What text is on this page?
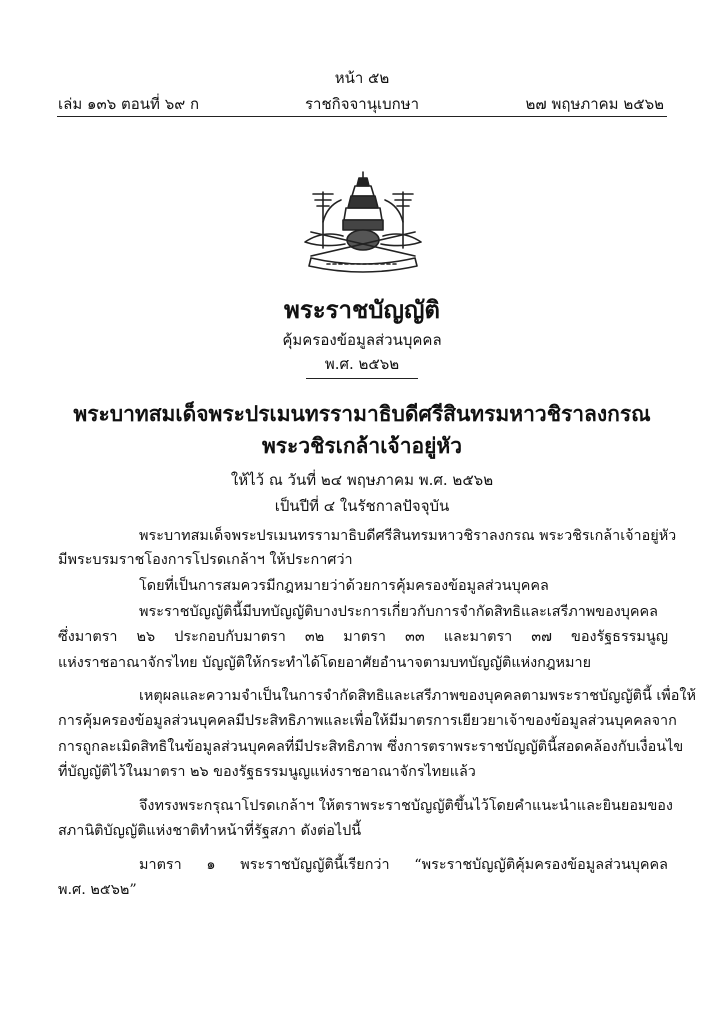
หน้า ๕๒
เล่ม ๑๓๖ ตอนที่ ๖๙ ก	ราชกิจจานุเบกษา	๒๗ พฤษภาคม ๒๕๖๒
พระราชบัญญัติ
คุ้มครองข้อมูลส่วนบุคคล
พ.ศ. ๒๕๖๒
พระบาทสมเด็จพระปรเมนทรรามาธิบดีศรีสินทรมหาวชิราลงกรณ
พระวชิรเกล้าเจ้าอยู่หัว
ให้ไว้ ณ วันที่ ๒๔ พฤษภาคม พ.ศ. ๒๕๖๒
เป็นปีที่ ๔ ในรัชกาลปัจจุบัน
พระบาทสมเด็จพระปรเมนทรรามาธิบดีศรีสินทรมหาวชิราลงกรณ พระวชิรเกล้าเจ้าอยู่หัว
มีพระบรมราชโองการโปรดเกล้าฯ ให้ประกาศว่า
โดยที่เป็นการสมควรมีกฎหมายว่าด้วยการคุ้มครองข้อมูลส่วนบุคคล
พระราชบัญญัตินี้มีบทบัญญัติบางประการเกี่ยวกับการจำกัดสิทธิและเสรีภาพของบุคคล
ซึ่งมาตรา ๒๖ ประกอบกับมาตรา ๓๒ มาตรา ๓๓ และมาตรา ๓๗ ของรัฐธรรมนูญ
แห่งราชอาณาจักรไทย บัญญัติให้กระทำได้โดยอาศัยอำนาจตามบทบัญญัติแห่งกฎหมาย
เหตุผลและความจำเป็นในการจำกัดสิทธิและเสรีภาพของบุคคลตามพระราชบัญญัตินี้ เพื่อให้
การคุ้มครองข้อมูลส่วนบุคคลมีประสิทธิภาพและเพื่อให้มีมาตรการเยียวยาเจ้าของข้อมูลส่วนบุคคลจาก
การถูกละเมิดสิทธิในข้อมูลส่วนบุคคลที่มีประสิทธิภาพ ซึ่งการตราพระราชบัญญัตินี้สอดคล้องกับเงื่อนไข
ที่บัญญัติไว้ในมาตรา ๒๖ ของรัฐธรรมนูญแห่งราชอาณาจักรไทยแล้ว
จึงทรงพระกรุณาโปรดเกล้าฯ ให้ตราพระราชบัญญัติขึ้นไว้โดยคำแนะนำและยินยอมของ
สภานิติบัญญัติแห่งชาติทำหน้าที่รัฐสภา ดังต่อไปนี้
มาตรา ๑ พระราชบัญญัตินี้เรียกว่า “พระราชบัญญัติคุ้มครองข้อมูลส่วนบุคคล
พ.ศ. ๒๕๖๒”
